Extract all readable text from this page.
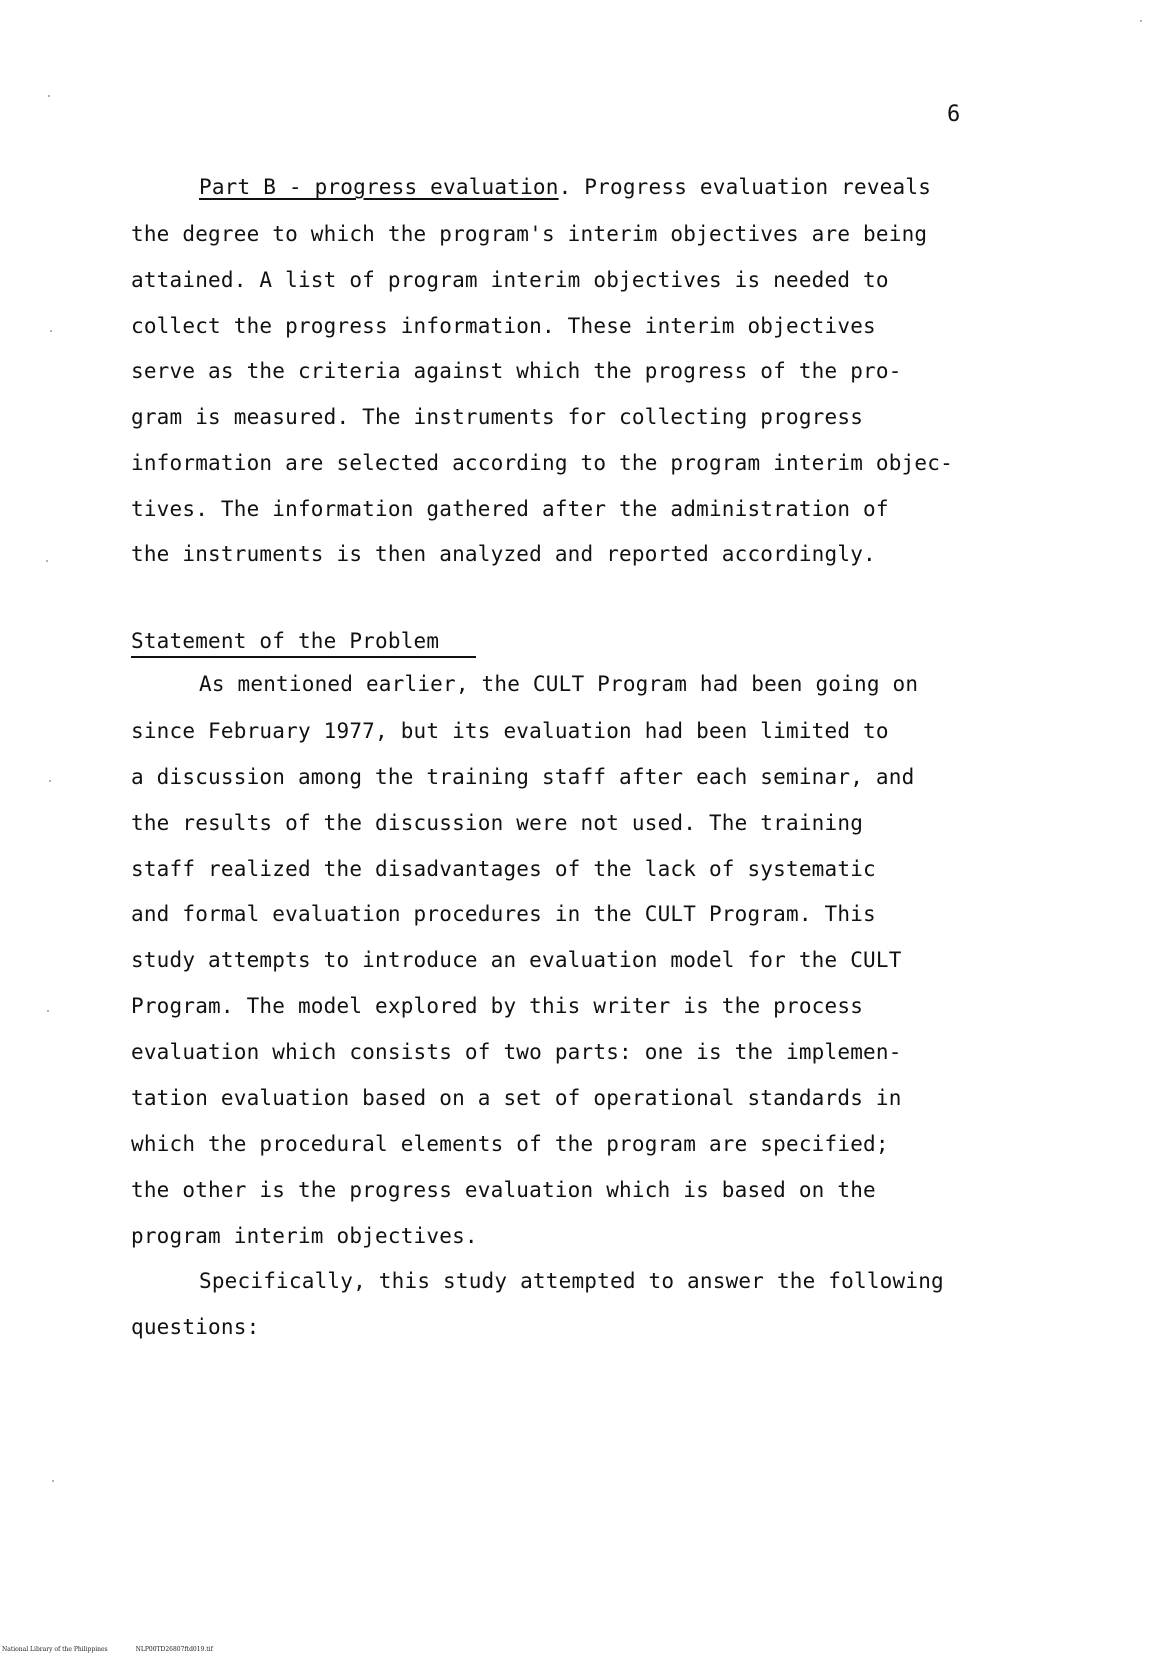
6
Part B - progress evaluation. Progress evaluation reveals
the degree to which the program's interim objectives are being
attained. A list of program interim objectives is needed to
collect the progress information. These interim objectives
serve as the criteria against which the progress of the pro-
gram is measured. The instruments for collecting progress
information are selected according to the program interim objec-
tives. The information gathered after the administration of
the instruments is then analyzed and reported accordingly.
Statement of the Problem
As mentioned earlier, the CULT Program had been going on
since February 1977, but its evaluation had been limited to
a discussion among the training staff after each seminar, and
the results of the discussion were not used. The training
staff realized the disadvantages of the lack of systematic
and formal evaluation procedures in the CULT Program. This
study attempts to introduce an evaluation model for the CULT
Program. The model explored by this writer is the process
evaluation which consists of two parts: one is the implemen-
tation evaluation based on a set of operational standards in
which the procedural elements of the program are specified;
the other is the progress evaluation which is based on the
program interim objectives.
Specifically, this study attempted to answer the following
questions:
National Library of the Philippines	NLP00TD26807ftd019.tif
